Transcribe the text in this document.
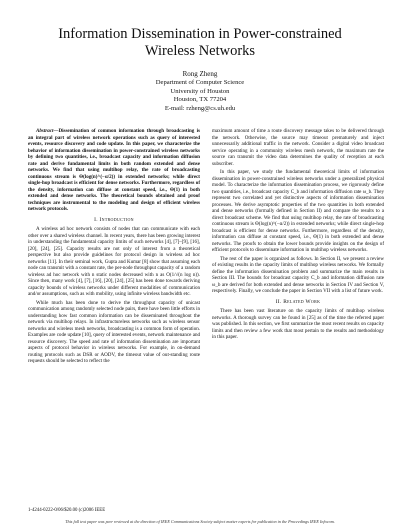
Information Dissemination in Power-constrained Wireless Networks
Rong Zheng
Department of Computer Science
University of Houston
Houston, TX 77204
E-mail: rzheng@cs.uh.edu

Abstract—Dissemination of common information through broadcasting is an integral part of wireless network operations such as query of interested events, resource discovery and code update. In this paper, we characterize the behavior of information dissemination in power-constrained wireless networks by defining two quantities, i.e., broadcast capacity and information diffusion rate and derive fundamental limits in both random extended and dense networks. We find that using multihop relay, the rate of broadcasting continuous stream is Θ(log(n)^(−α/2)) in extended networks; while direct single-hop broadcast is efficient for dense networks. Furthermore, regardless of the density, information can diffuse at constant speed, i.e., Θ(1) in both extended and dense networks. The theoretical bounds obtained and proof techniques are instrumental to the modeling and design of efficient wireless network protocols.

I. Introduction

A wireless ad hoc network consists of nodes that can communicate with each other over a shared wireless channel. In recent years, there has been growing interest in understanding the fundamental capacity limits of such networks [4], [7]–[9], [16], [20], [24], [25]. Capacity results are not only of interest from a theoretical perspective but also provide guidelines for protocol design in wireless ad hoc networks [11]. In their seminal work, Gupta and Kumar [8] show that assuming each node can transmit with a constant rate, the per-node throughput capacity of a random wireless ad hoc network with n static nodes decreased with n as O(1/√(n log n)). Since then, many work [4], [7], [16], [20], [24], [25] has been done towards deriving capacity bounds of wireless networks under different modalities of communication and/or assumptions, such as with mobility, using infinite wireless bandwidth etc.

While much has been done to derive the throughput capacity of unicast communication among randomly selected node pairs, there have been little efforts in understanding how fast common information can be disseminated throughout the network via multihop relays. In infrastructureless networks such as wireless sensor networks and wireless mesh networks, broadcasting is a common form of operation. Examples are code update [10], query of interested events, network maintenance and resource discovery. The speed and rate of information dissemination are important aspects of protocol behavior in wireless networks. For example, in on-demand routing protocols such as DSR or AODV, the timeout value of out-standing route requests should be selected to reflect the

maximum amount of time a route discovery message takes to be delivered through the network. Otherwise, the source may timeout prematurely and inject unnecessarily additional traffic in the network. Consider a digital video broadcast service operating in a community wireless mesh network, the maximum rate the source can transmit the video data determines the quality of reception at each subscriber.

In this paper, we study the fundamental theoretical limits of information dissemination in power-constrained wireless networks under a generalized physical model. To characterize the information dissemination process, we rigorously define two quantities, i.e., broadcast capacity C_b and information diffusion rate ω_b. They represent two correlated and yet distinctive aspects of information dissemination processes. We derive asymptotic properties of the two quantities in both extended and dense networks (formally defined in Section II) and compare the results to a direct broadcast scheme. We find that using multihop relay, the rate of broadcasting continuous stream is Θ(log(n)^(−α/2)) in extended networks; while direct single-hop broadcast is efficient for dense networks. Furthermore, regardless of the density, information can diffuse at constant speed, i.e., Θ(1) in both extended and dense networks. The proofs to obtain the lower bounds provide insights on the design of efficient protocols to disseminate information in multihop wireless networks.

The rest of the paper is organized as follows. In Section II, we present a review of existing results in the capacity limits of multihop wireless networks. We formally define the information dissemination problem and summarize the main results in Section III. The bounds for broadcast capacity C_b and information diffusion rate ω_b are derived for both extended and dense networks in Section IV and Section V, respectively. Finally, we conclude the paper in Section VII with a list of future work.

II. Related Work

There has been vast literature on the capacity limits of multihop wireless networks. A thorough survey can be found in [25] as of the time the referred paper was published. In this section, we first summarize the most recent results on capacity limits and then review a few work that most pertain to the results and methodology in this paper.

1-4244-0222-0/06/$20.00 (c)2006 IEEE
This full text paper was peer reviewed at the direction of IEEE Communications Society subject matter experts for publication in the Proceedings IEEE Infocom.
